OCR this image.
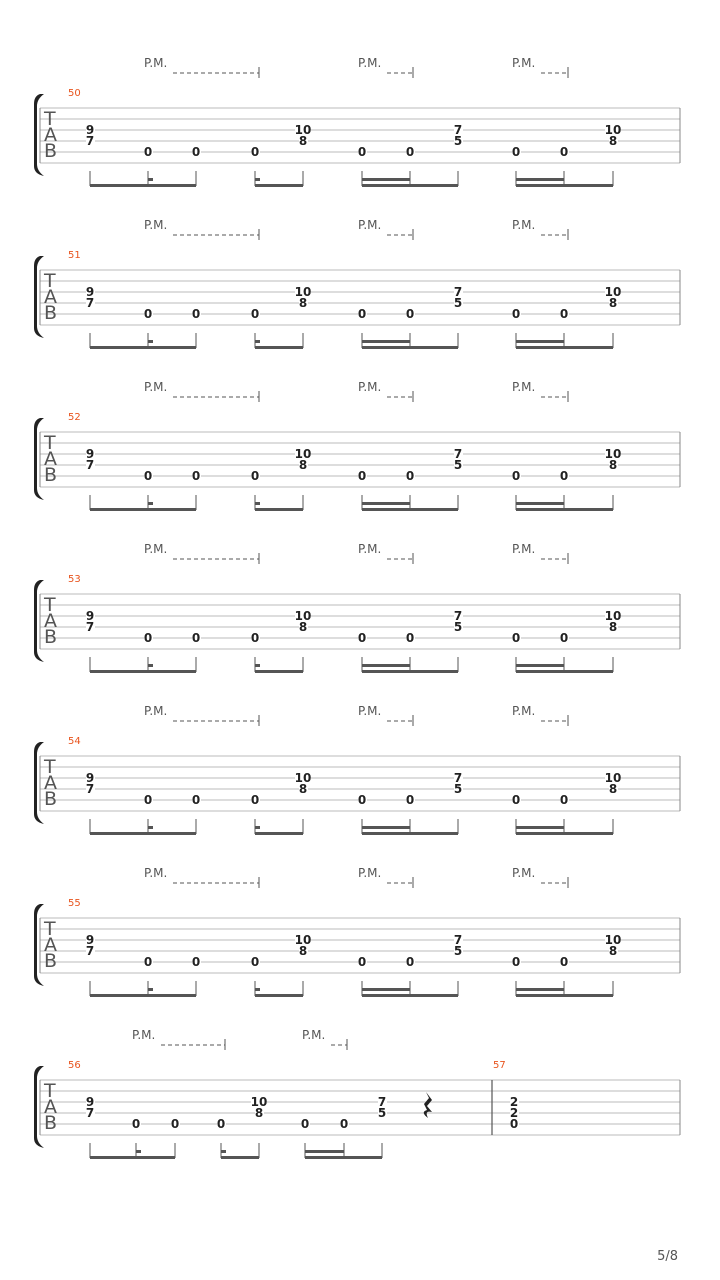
P.M.	P.M.	P.M.
50
T
A
B
9
7
0	0	0
10
8
0	0
7
5
0	0
10
8
P.M.	P.M.	P.M.
51
T
A
B
9
7
0	0	0
10
8
0	0
7
5
0	0
10
8
P.M.	P.M.	P.M.
52
T
A
B
9
7
0	0	0
10
8
0	0
7
5
0	0
10
8
P.M.	P.M.	P.M.
53
T
A
B
9
7
0	0	0
10
8
0	0
7
5
0	0
10
8
P.M.	P.M.	P.M.
54
T
A
B
9
7
0	0	0
10
8
0	0
7
5
0	0
10
8
P.M.	P.M.	P.M.
55
T
A
B
9
7
0	0	0
10
8
0	0
7
5
0	0
10
8
P.M.	P.M.
56	57
T
A
B
9
7
0	0	0
10
8
0	0
7
5
2
2
0
5/8
